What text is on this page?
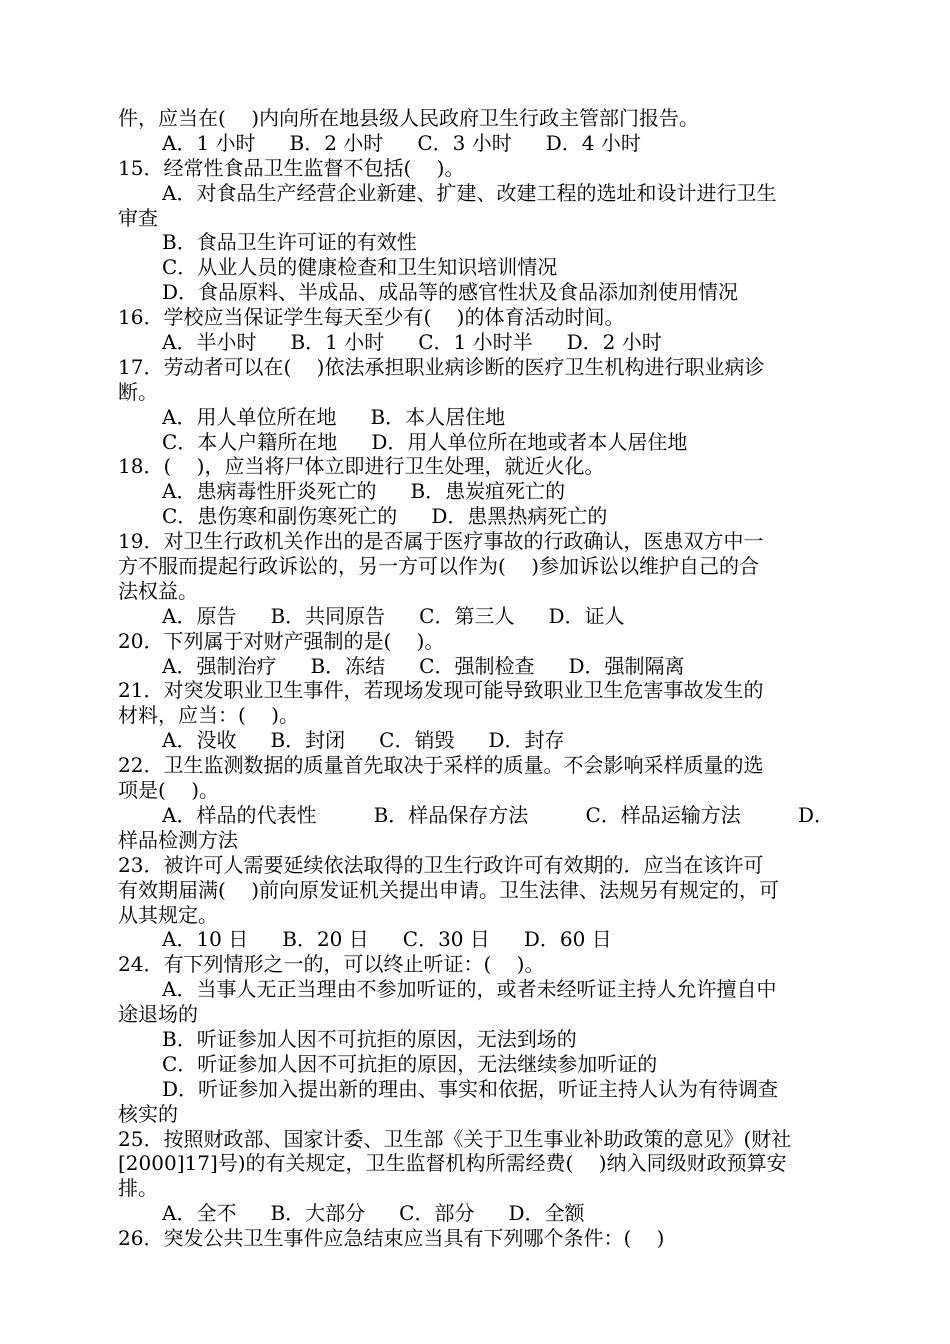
件，应当在(    )内向所在地县级人民政府卫生行政主管部门报告。
A．1 小时 B．2 小时 C．3 小时 D．4 小时
15．经常性食品卫生监督不包括(    )。
A．对食品生产经营企业新建、扩建、改建工程的选址和设计进行卫生
审查
B．食品卫生许可证的有效性
C．从业人员的健康检查和卫生知识培训情况
D．食品原料、半成品、成品等的感官性状及食品添加剂使用情况
16．学校应当保证学生每天至少有(    )的体育活动时间。
A．半小时 B．1 小时 C．1 小时半 D．2 小时
17．劳动者可以在(    )依法承担职业病诊断的医疗卫生机构进行职业病诊
断。
A．用人单位所在地 B．本人居住地
C．本人户籍所在地 D．用人单位所在地或者本人居住地
18．(    )，应当将尸体立即进行卫生处理，就近火化。
A．患病毒性肝炎死亡的 B．患炭疽死亡的
C．患伤寒和副伤寒死亡的 D．患黑热病死亡的
19．对卫生行政机关作出的是否属于医疗事故的行政确认，医患双方中一
方不服而提起行政诉讼的，另一方可以作为(    )参加诉讼以维护自己的合
法权益。
A．原告 B．共同原告 C．第三人 D．证人
20．下列属于对财产强制的是(    )。
A．强制治疗 B．冻结 C．强制检查 D．强制隔离
21．对突发职业卫生事件，若现场发现可能导致职业卫生危害事故发生的
材料，应当：(    )。
A．没收 B．封闭 C．销毁 D．封存
22．卫生监测数据的质量首先取决于采样的质量。不会影响采样质量的选
项是(    )。
A．样品的代表性	B．样品保存方法	C．样品运输方法	D．
样品检测方法
23．被许可人需要延续依法取得的卫生行政许可有效期的．应当在该许可
有效期届满(    )前向原发证机关提出申请。卫生法律、法规另有规定的，可
从其规定。
A．10 日 B．20 日 C．30 日 D．60 日
24．有下列情形之一的，可以终止听证：(    )。
A．当事人无正当理由不参加听证的，或者未经听证主持人允许擅自中
途退场的
B．听证参加人因不可抗拒的原因，无法到场的
C．听证参加人因不可抗拒的原因，无法继续参加听证的
D．听证参加入提出新的理由、事实和依据，听证主持人认为有待调查
核实的
25．按照财政部、国家计委、卫生部《关于卫生事业补助政策的意见》(财社
[2000]17]号)的有关规定，卫生监督机构所需经费(    )纳入同级财政预算安
排。
A．全不 B．大部分 C．部分 D．全额
26．突发公共卫生事件应急结束应当具有下列哪个条件：(    )
